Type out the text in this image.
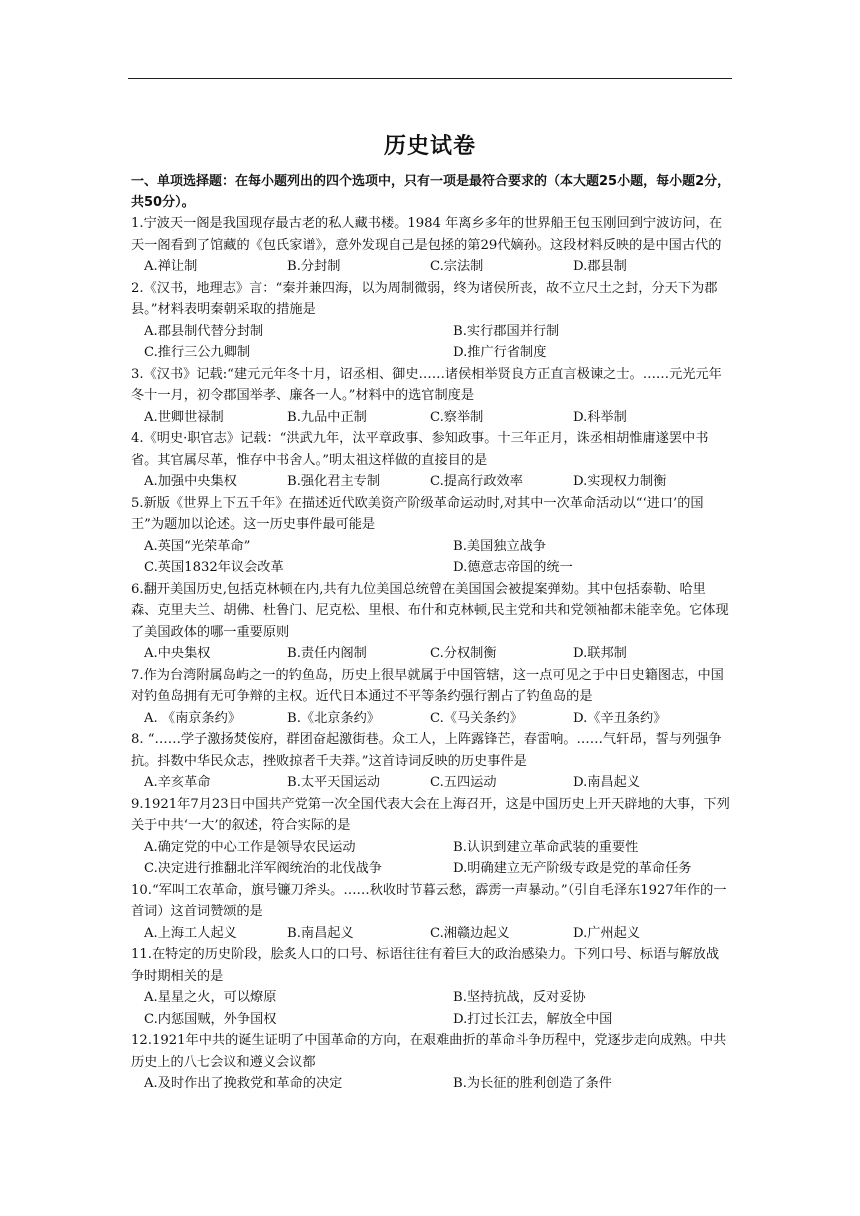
历史试卷
一、单项选择题：在每小题列出的四个选项中，只有一项是最符合要求的（本大题25小题，每小题2分，共50分）。
1.宁波天一阁是我国现存最古老的私人藏书楼。1984 年离乡多年的世界船王包玉刚回到宁波访问，在天一阁看到了馆藏的《包氏家谱》，意外发现自己是包拯的第29代嫡孙。这段材料反映的是中国古代的
A.禅让制	B.分封制	C.宗法制	D.郡县制
2.《汉书，地理志》言：“秦并兼四海，以为周制微弱，终为诸侯所丧，故不立尺土之封，分天下为郡县。”材料表明秦朝采取的措施是
A.郡县制代替分封制	B.实行郡国并行制
C.推行三公九卿制	D.推广行省制度
3.《汉书》记载:“建元元年冬十月，诏丞相、御史……诸侯相举贤良方正直言极谏之士。……元光元年冬十一月，初令郡国举孝、廉各一人。”材料中的选官制度是
A.世卿世禄制	B.九品中正制	C.察举制	D.科举制
4.《明史·职官志》记载：“洪武九年，汰平章政事、参知政事。十三年正月，诛丞相胡惟庸遂罢中书省。其官属尽革，惟存中书舍人。”明太祖这样做的直接目的是
A.加强中央集权	B.强化君主专制	C.提高行政效率	D.实现权力制衡
5.新版《世界上下五千年》在描述近代欧美资产阶级革命运动时,对其中一次革命活动以“‘进口’的国王”为题加以论述。这一历史事件最可能是
A.英国“光荣革命”	B.美国独立战争
C.英国1832年议会改革	D.德意志帝国的统一
6.翻开美国历史,包括克林顿在内,共有九位美国总统曾在美国国会被提案弹劾。其中包括泰勒、哈里森、克里夫兰、胡佛、杜鲁门、尼克松、里根、布什和克林顿,民主党和共和党领袖都未能幸免。它体现了美国政体的哪一重要原则
A.中央集权	B.责任内阁制	C.分权制衡	D.联邦制
7.作为台湾附属岛屿之一的钓鱼岛，历史上很早就属于中国管辖，这一点可见之于中日史籍图志，中国对钓鱼岛拥有无可争辩的主权。近代日本通过不平等条约强行割占了钓鱼岛的是
A. 《南京条约》	B.《北京条约》	C.《马关条约》	D.《辛丑条约》
8. “……学子激扬焚侫府，群团奋起激街巷。众工人，上阵露锋芒，春雷响。……气轩昂，誓与列强争抗。抖数中华民众志，挫败掠者千夫莽。”这首诗词反映的历史事件是
A.辛亥革命	B.太平天国运动	C.五四运动	D.南昌起义
9.1921年7月23日中国共产党第一次全国代表大会在上海召开，这是中国历史上开天辟地的大事，下列关于中共‘一大’的叙述，符合实际的是
A.确定党的中心工作是领导农民运动	B.认识到建立革命武装的重要性
C.决定进行推翻北洋军阀统治的北伐战争	D.明确建立无产阶级专政是党的革命任务
10.“军叫工农革命，旗号镰刀斧头。……秋收时节暮云愁，霹雳一声暴动。”（引自毛泽东1927年作的一首词）这首词赞颂的是
A.上海工人起义	B.南昌起义	C.湘赣边起义	D.广州起义
11.在特定的历史阶段，脍炙人口的口号、标语往往有着巨大的政治感染力。下列口号、标语与解放战争时期相关的是
A.星星之火，可以燎原	B.坚持抗战，反对妥协
C.内惩国贼，外争国权	D.打过长江去，解放全中国
12.1921年中共的诞生证明了中国革命的方向，在艰难曲折的革命斗争历程中，党逐步走向成熟。中共历史上的八七会议和遵义会议都
A.及时作出了挽救党和革命的决定	B.为长征的胜利创造了条件
